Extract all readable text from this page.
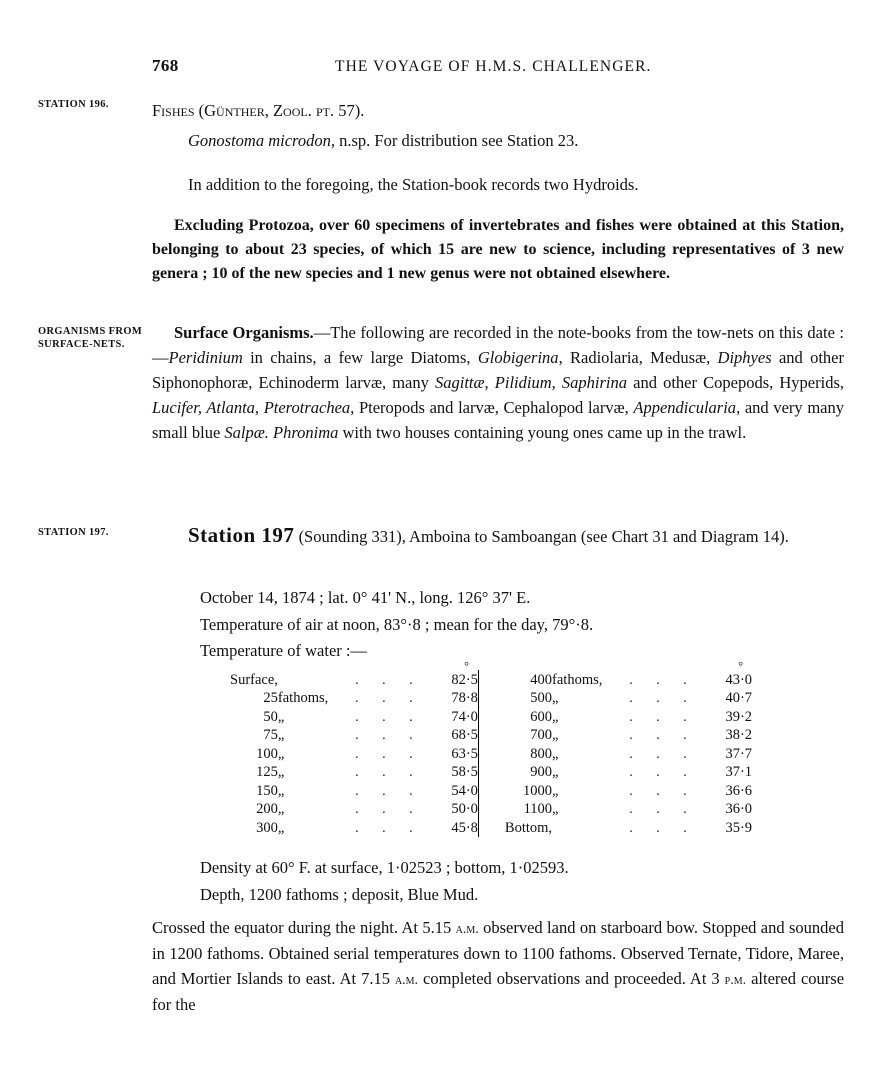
768	THE VOYAGE OF H.M.S. CHALLENGER.
STATION 196.
ORGANISMS FROM SURFACE-NETS.
STATION 197.

Fishes (Günther, Zool. pt. 57).

Gonostoma microdon, n.sp. For distribution see Station 23.

In addition to the foregoing, the Station-book records two Hydroids.

Excluding Protozoa, over 60 specimens of invertebrates and fishes were obtained at this Station, belonging to about 23 species, of which 15 are new to science, including representatives of 3 new genera ; 10 of the new species and 1 new genus were not obtained elsewhere.

Surface Organisms.—The following are recorded in the note-books from the tow-nets on this date :—Peridinium in chains, a few large Diatoms, Globigerina, Radiolaria, Medusæ, Diphyes and other Siphonophoræ, Echinoderm larvæ, many Sagittæ, Pilidium, Saphirina and other Copepods, Hyperids, Lucifer, Atlanta, Pterotrachea, Pteropods and larvæ, Cephalopod larvæ, Appendicularia, and very many small blue Salpæ. Phronima with two houses containing young ones came up in the trawl.

Station 197 (Sounding 331), Amboina to Samboangan (see Chart 31 and Diagram 14).

October 14, 1874 ; lat. 0° 41' N., long. 126° 37' E.

Temperature of air at noon, 83°·8 ; mean for the day, 79°·8.

Temperature of water :—

Surface,		. . .	° 82·5		400	fathoms,	. . .	° 43·0
25	fathoms,	. . .	78·8		500	„	. . .	40·7
50	„	. . .	74·0		600	„	. . .	39·2
75	„	. . .	68·5		700	„	. . .	38·2
100	„	. . .	63·5		800	„	. . .	37·7
125	„	. . .	58·5		900	„	. . .	37·1
150	„	. . .	54·0		1000	„	. . .	36·6
200	„	. . .	50·0		1100	„	. . .	36·0
300	„	. . .	45·8		Bottom,		. . .	35·9

Density at 60° F. at surface, 1·02523 ; bottom, 1·02593.

Depth, 1200 fathoms ; deposit, Blue Mud.

Crossed the equator during the night. At 5.15 a.m. observed land on starboard bow. Stopped and sounded in 1200 fathoms. Obtained serial temperatures down to 1100 fathoms. Observed Ternate, Tidore, Maree, and Mortier Islands to east. At 7.15 a.m. completed observations and proceeded. At 3 p.m. altered course for the
